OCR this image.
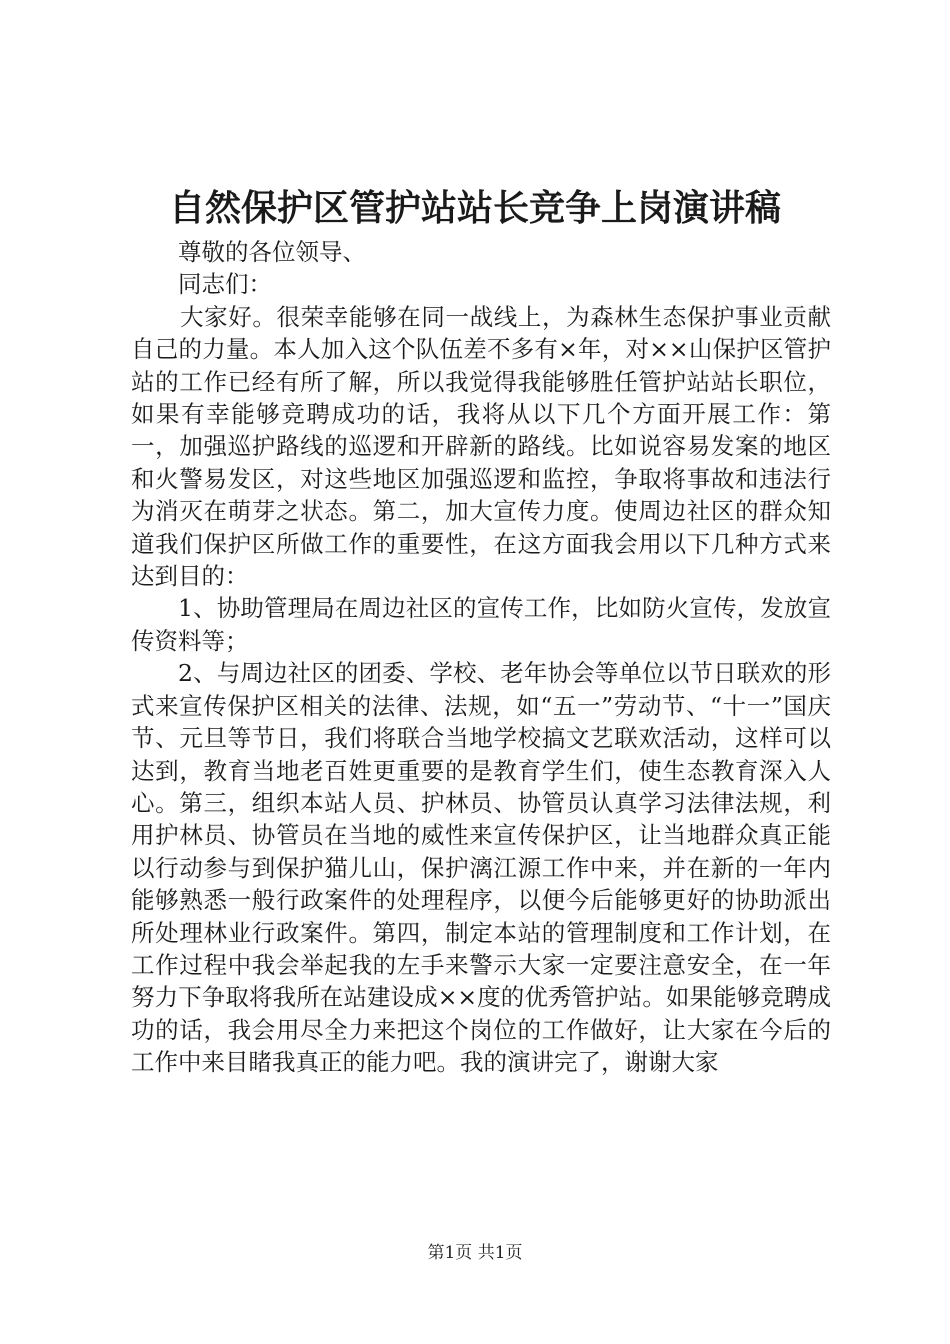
自然保护区管护站站长竞争上岗演讲稿

尊敬的各位领导、

同志们：

大家好。很荣幸能够在同一战线上，为森林生态保护事业贡献自己的力量。本人加入这个队伍差不多有×年，对××山保护区管护站的工作已经有所了解，所以我觉得我能够胜任管护站站长职位，如果有幸能够竞聘成功的话，我将从以下几个方面开展工作：第一，加强巡护路线的巡逻和开辟新的路线。比如说容易发案的地区和火警易发区，对这些地区加强巡逻和监控，争取将事故和违法行为消灭在萌芽之状态。第二，加大宣传力度。使周边社区的群众知道我们保护区所做工作的重要性，在这方面我会用以下几种方式来达到目的：

1、协助管理局在周边社区的宣传工作，比如防火宣传，发放宣传资料等；

2、与周边社区的团委、学校、老年协会等单位以节日联欢的形式来宣传保护区相关的法律、法规，如“五一”劳动节、“十一”国庆节、元旦等节日，我们将联合当地学校搞文艺联欢活动，这样可以达到，教育当地老百姓更重要的是教育学生们，使生态教育深入人心。第三，组织本站人员、护林员、协管员认真学习法律法规，利用护林员、协管员在当地的威性来宣传保护区，让当地群众真正能以行动参与到保护猫儿山，保护漓江源工作中来，并在新的一年内能够熟悉一般行政案件的处理程序，以便今后能够更好的协助派出所处理林业行政案件。第四，制定本站的管理制度和工作计划，在工作过程中我会举起我的左手来警示大家一定要注意安全，在一年努力下争取将我所在站建设成××度的优秀管护站。如果能够竞聘成功的话，我会用尽全力来把这个岗位的工作做好，让大家在今后的工作中来目睹我真正的能力吧。我的演讲完了，谢谢大家

第1页 共1页
